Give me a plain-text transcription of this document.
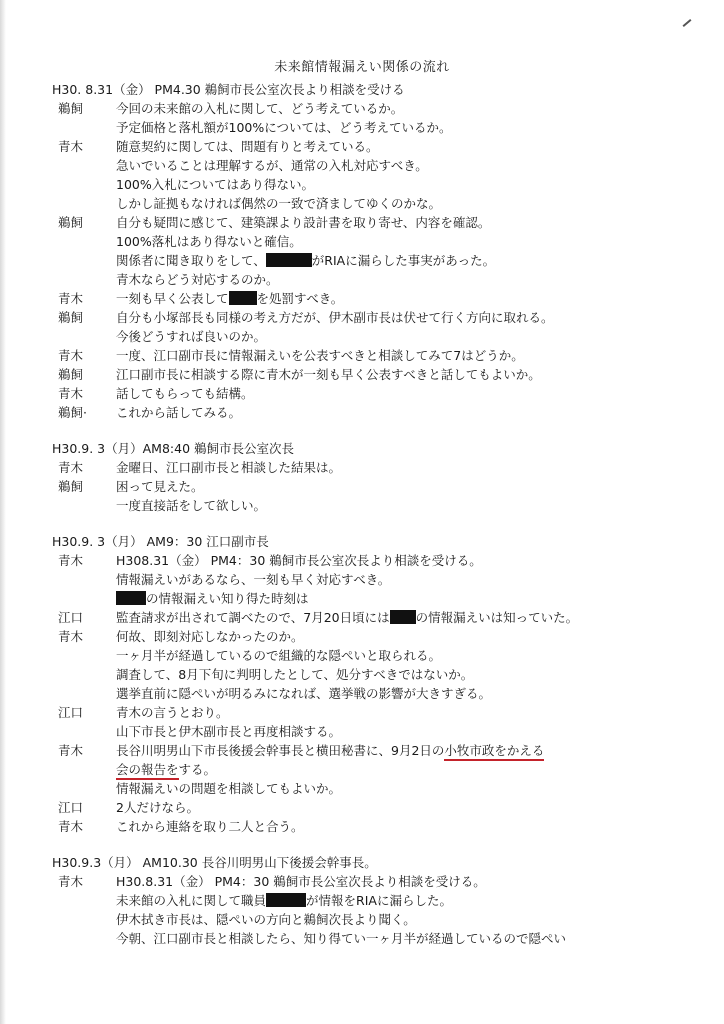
未来館情報漏えい関係の流れ
H30. 8.31（金） PM4.30 鵜飼市長公室次長より相談を受ける
鵜飼	今回の未来館の入札に関して、どう考えているか。
予定価格と落札額が100%については、どう考えているか。
青木	随意契約に関しては、問題有りと考えている。
急いでいることは理解するが、通常の入札対応すべき。
100%入札についてはあり得ない。
しかし証拠もなければ偶然の一致で済ましてゆくのかな。
鵜飼	自分も疑問に感じて、建築課より設計書を取り寄せ、内容を確認。
100%落札はあり得ないと確信。
関係者に聞き取りをして、	がRIAに漏らした事実があった。
青木ならどう対応するのか。
青木	一刻も早く公表して を処罰すべき。
鵜飼	自分も小塚部長も同様の考え方だが、伊木副市長は伏せて行く方向に取れる。
今後どうすれば良いのか。
青木	一度、江口副市長に情報漏えいを公表すべきと相談してみて7はどうか。
鵜飼	江口副市長に相談する際に青木が一刻も早く公表すべきと話してもよいか。
青木	話してもらっても結構。
鵜飼·	これから話してみる。
H30.9. 3（月）AM8:40 鵜飼市長公室次長
青木	金曜日、江口副市長と相談した結果は。
鵜飼	困って見えた。
一度直接話をして欲しい。
H30.9. 3（月） AM9：30 江口副市長
青木	H308.31（金） PM4：30 鵜飼市長公室次長より相談を受ける。
情報漏えいがあるなら、一刻も早く対応すべき。
の情報漏えい知り得た時刻は
江口	監査請求が出されて調べたので、7月20日頃には の情報漏えいは知っていた。
青木	何故、即刻対応しなかったのか。
一ヶ月半が経過しているので組織的な隠ぺいと取られる。
調査して、8月下旬に判明したとして、処分すべきではないか。
選挙直前に隠ぺいが明るみになれば、選挙戦の影響が大きすぎる。
江口	青木の言うとおり。
山下市長と伊木副市長と再度相談する。
青木	長谷川明男山下市長後援会幹事長と横田秘書に、9月2日の小牧市政をかえる
会の報告をする。
情報漏えいの問題を相談してもよいか。
江口	2人だけなら。
青木	これから連絡を取り二人と合う。
H30.9.3（月） AM10.30 長谷川明男山下後援会幹事長。
青木	H30.8.31（金） PM4：30 鵜飼市長公室次長より相談を受ける。
未来館の入札に関して職員	が情報をRIAに漏らした。
伊木拭き市長は、隠ぺいの方向と鵜飼次長より聞く。
今朝、江口副市長と相談したら、知り得てい一ヶ月半が経過しているので隠ぺい
